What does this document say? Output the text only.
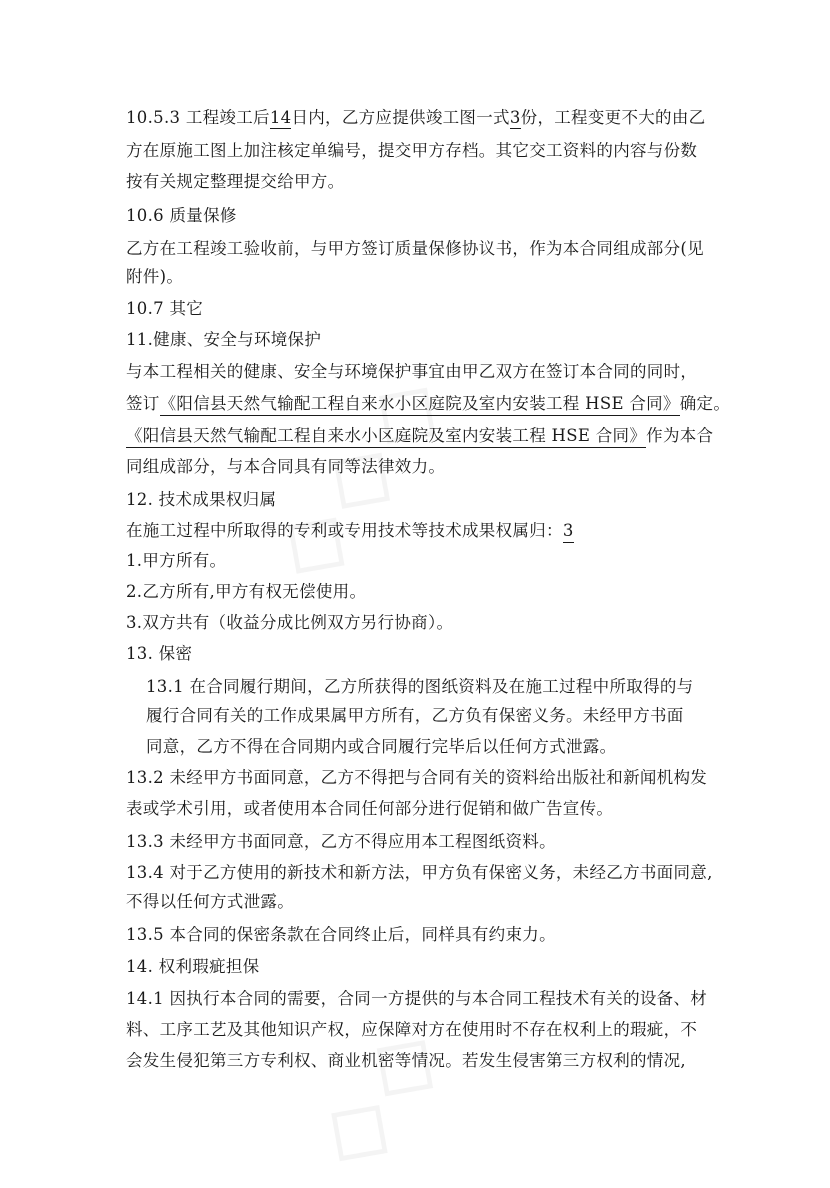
10.5.3 工程竣工后14日内，乙方应提供竣工图一式3份，工程变更不大的由乙
方在原施工图上加注核定单编号，提交甲方存档。其它交工资料的内容与份数
按有关规定整理提交给甲方。
10.6 质量保修
乙方在工程竣工验收前，与甲方签订质量保修协议书，作为本合同组成部分(见
附件)。
10.7 其它
11.健康、安全与环境保护
与本工程相关的健康、安全与环境保护事宜由甲乙双方在签订本合同的同时，
签订《阳信县天然气输配工程自来水小区庭院及室内安装工程 HSE 合同》确定。
《阳信县天然气输配工程自来水小区庭院及室内安装工程 HSE 合同》作为本合
同组成部分，与本合同具有同等法律效力。
12. 技术成果权归属
在施工过程中所取得的专利或专用技术等技术成果权属归：3
1.甲方所有。
2.乙方所有,甲方有权无偿使用。
3.双方共有（收益分成比例双方另行协商）。
13. 保密
13.1 在合同履行期间，乙方所获得的图纸资料及在施工过程中所取得的与
履行合同有关的工作成果属甲方所有，乙方负有保密义务。未经甲方书面
同意，乙方不得在合同期内或合同履行完毕后以任何方式泄露。
13.2 未经甲方书面同意，乙方不得把与合同有关的资料给出版社和新闻机构发
表或学术引用，或者使用本合同任何部分进行促销和做广告宣传。
13.3 未经甲方书面同意，乙方不得应用本工程图纸资料。
13.4 对于乙方使用的新技术和新方法，甲方负有保密义务，未经乙方书面同意,
不得以任何方式泄露。
13.5 本合同的保密条款在合同终止后，同样具有约束力。
14. 权利瑕疵担保
14.1 因执行本合同的需要，合同一方提供的与本合同工程技术有关的设备、材
料、工序工艺及其他知识产权，应保障对方在使用时不存在权利上的瑕疵，不
会发生侵犯第三方专利权、商业机密等情况。若发生侵害第三方权利的情况,
